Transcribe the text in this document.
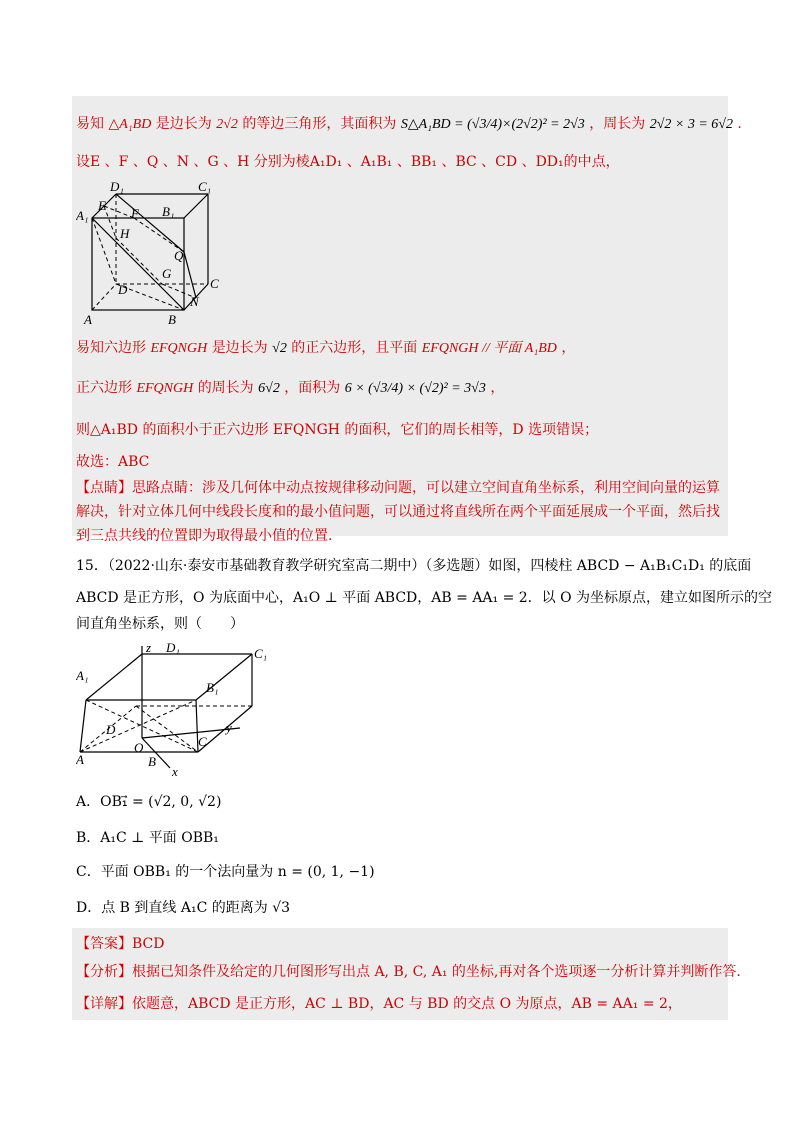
易知 △A₁BD 是边长为 2√2 的等边三角形，其面积为 S△A₁BD = (√3/4)×(2√2)² = 2√3 ，周长为 2√2 × 3 = 6√2 .
设E 、F 、Q 、N 、G 、H 分别为棱A₁D₁ 、A₁B₁ 、BB₁ 、BC 、CD 、DD₁的中点，
D₁	C₁
A₁
E
F B₁
H
Q
G
D	C
N
A	B
易知六边形 EFQNGH 是边长为 √2 的正六边形，且平面 EFQNGH // 平面 A₁BD ，
正六边形 EFQNGH 的周长为 6√2 ，面积为 6 × (√3/4) × (√2)² = 3√3 ，
则△A₁BD 的面积小于正六边形 EFQNGH 的面积，它们的周长相等，D 选项错误；
故选：ABC
【点睛】思路点睛：涉及几何体中动点按规律移动问题，可以建立空间直角坐标系，利用空间向量的运算解决，针对立体几何中线段长度和的最小值问题，可以通过将直线所在两个平面延展成一个平面，然后找到三点共线的位置即为取得最小值的位置.
15．（2022·山东·泰安市基础教育教学研究室高二期中）（多选题）如图，四棱柱 ABCD − A₁B₁C₁D₁ 的底面
ABCD 是正方形，O 为底面中心，A₁O ⊥ 平面 ABCD，AB = AA₁ = 2．以 O 为坐标原点，建立如图所示的空
间直角坐标系，则（　　）
z D₁	C₁
A₁
B₁
D	y
C
O
A	B
x
A．OB₁⃗ = (√2, 0, √2)
B．A₁C ⊥ 平面 OBB₁
C．平面 OBB₁ 的一个法向量为 n = (0, 1, −1)
D．点 B 到直线 A₁C 的距离为 √3
【答案】BCD
【分析】根据已知条件及给定的几何图形写出点 A, B, C, A₁ 的坐标,再对各个选项逐一分析计算并判断作答.
【详解】依题意，ABCD 是正方形，AC ⊥ BD，AC 与 BD 的交点 O 为原点，AB = AA₁ = 2，
